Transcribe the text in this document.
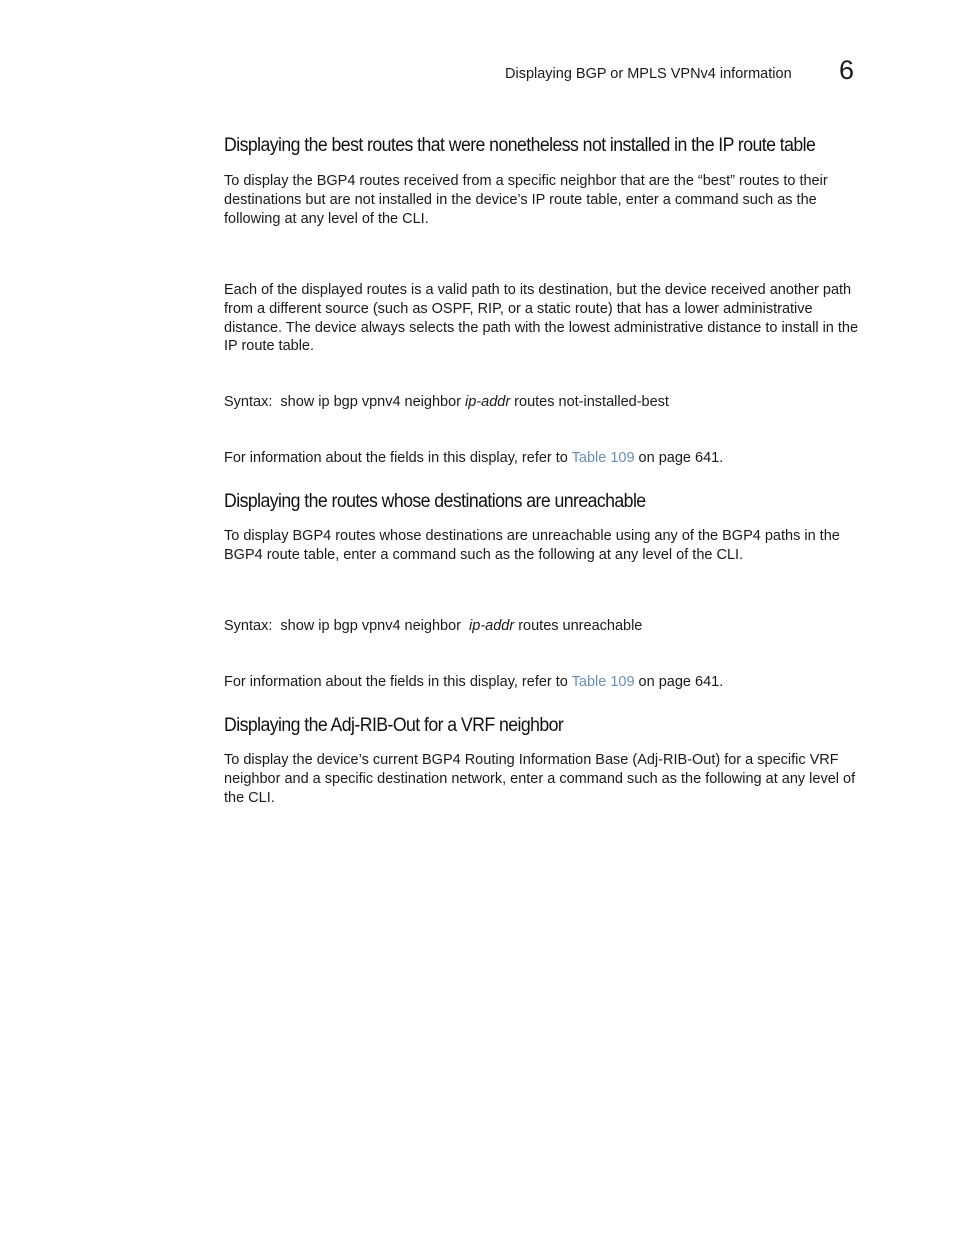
Displaying BGP or MPLS VPNv4 information 6
Displaying the best routes that were nonetheless not installed in the IP route table

To display the BGP4 routes received from a specific neighbor that are the “best” routes to their destinations but are not installed in the device’s IP route table, enter a command such as the following at any level of the CLI.

Each of the displayed routes is a valid path to its destination, but the device received another path from a different source (such as OSPF, RIP, or a static route) that has a lower administrative distance. The device always selects the path with the lowest administrative distance to install in the IP route table.

Syntax:  show ip bgp vpnv4 neighbor ip-addr routes not-installed-best

For information about the fields in this display, refer to Table 109 on page 641.

Displaying the routes whose destinations are unreachable

To display BGP4 routes whose destinations are unreachable using any of the BGP4 paths in the BGP4 route table, enter a command such as the following at any level of the CLI.

Syntax:  show ip bgp vpnv4 neighbor  ip-addr routes unreachable

For information about the fields in this display, refer to Table 109 on page 641.

Displaying the Adj-RIB-Out for a VRF neighbor

To display the device’s current BGP4 Routing Information Base (Adj-RIB-Out) for a specific VRF neighbor and a specific destination network, enter a command such as the following at any level of the CLI.
